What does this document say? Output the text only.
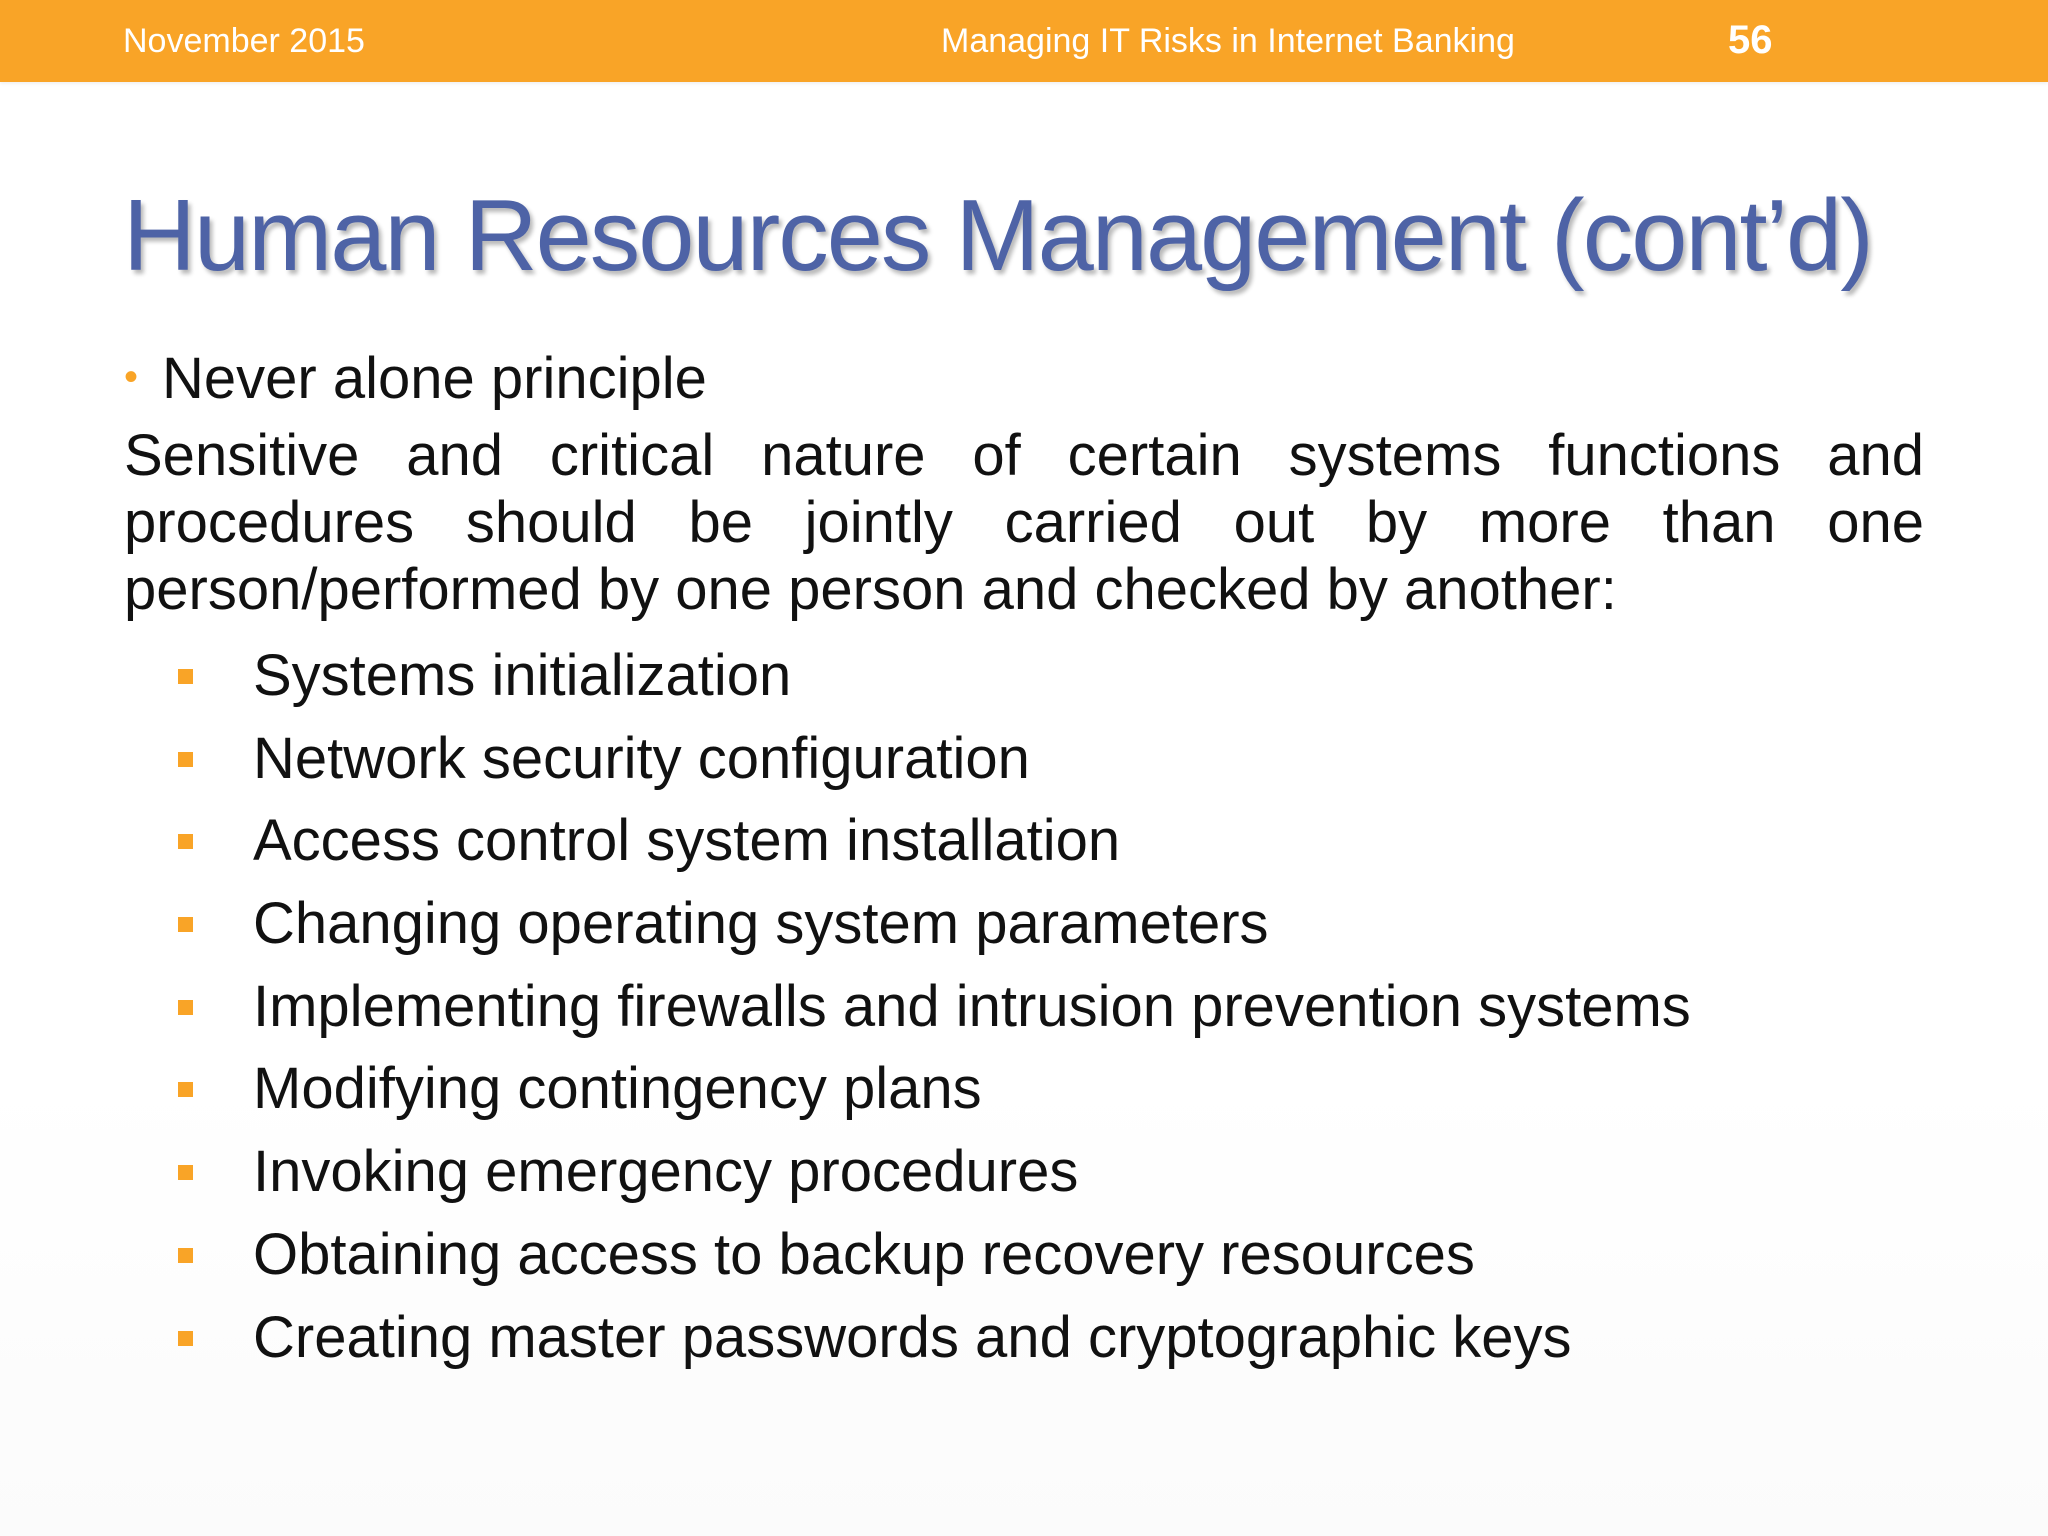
November 2015	Managing IT Risks in Internet Banking	56
Human Resources Management (cont’d)
• Never alone principle
Sensitive and critical nature of certain systems functions and procedures should be jointly carried out by more than one person/performed by one person and checked by another:
Systems initialization
Network security configuration
Access control system installation
Changing operating system parameters
Implementing firewalls and intrusion prevention systems
Modifying contingency plans
Invoking emergency procedures
Obtaining access to backup recovery resources
Creating master passwords and cryptographic keys
